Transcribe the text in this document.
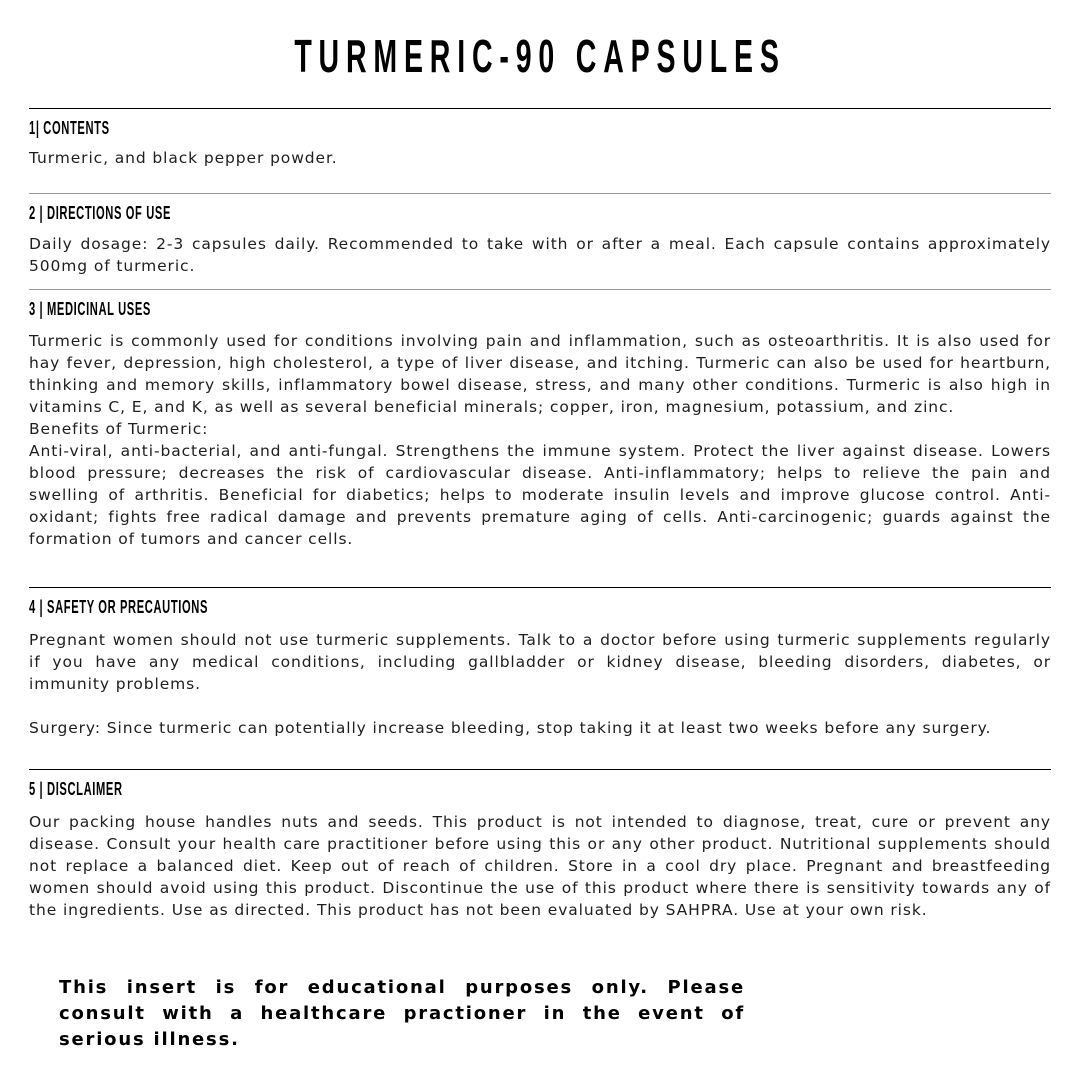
TURMERIC-90 CAPSULES
1| CONTENTS

Turmeric, and black pepper powder.

2 | DIRECTIONS OF USE

Daily dosage: 2-3 capsules daily. Recommended to take with or after a meal. Each capsule contains approximately 500mg of turmeric.

3 | MEDICINAL USES

Turmeric is commonly used for conditions involving pain and inflammation, such as osteoarthritis. It is also used for hay fever, depression, high cholesterol, a type of liver disease, and itching. Turmeric can also be used for heartburn, thinking and memory skills, inflammatory bowel disease, stress, and many other conditions. Turmeric is also high in vitamins C, E, and K, as well as several beneficial minerals; copper, iron, magnesium, potassium, and zinc.

Benefits of Turmeric:

Anti-viral, anti-bacterial, and anti-fungal. Strengthens the immune system. Protect the liver against disease. Lowers blood pressure; decreases the risk of cardiovascular disease. Anti-inflammatory; helps to relieve the pain and swelling of arthritis. Beneficial for diabetics; helps to moderate insulin levels and improve glucose control. Anti-oxidant; fights free radical damage and prevents premature aging of cells. Anti-carcinogenic; guards against the formation of tumors and cancer cells.

4 | SAFETY OR PRECAUTIONS

Pregnant women should not use turmeric supplements. Talk to a doctor before using turmeric supplements regularly if you have any medical conditions, including gallbladder or kidney disease, bleeding disorders, diabetes, or immunity problems.

Surgery: Since turmeric can potentially increase bleeding, stop taking it at least two weeks before any surgery.

5 | DISCLAIMER

Our packing house handles nuts and seeds. This product is not intended to diagnose, treat, cure or prevent any disease. Consult your health care practitioner before using this or any other product. Nutritional supplements should not replace a balanced diet. Keep out of reach of children. Store in a cool dry place. Pregnant and breastfeeding women should avoid using this product. Discontinue the use of this product where there is sensitivity towards any of the ingredients. Use as directed. This product has not been evaluated by SAHPRA. Use at your own risk.

This insert is for educational purposes only. Please consult with a healthcare practioner in the event of serious illness.
